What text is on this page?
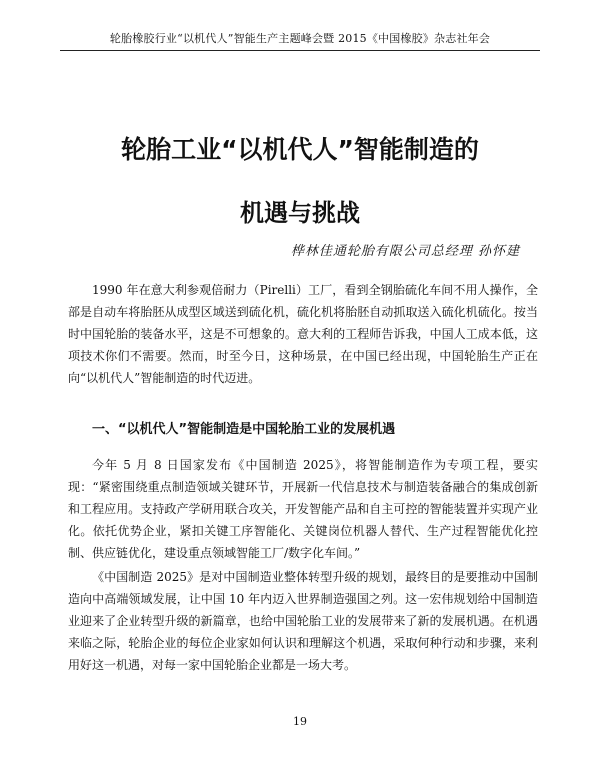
轮胎橡胶行业“以机代人”智能生产主题峰会暨 2015《中国橡胶》杂志社年会
轮胎工业“以机代人”智能制造的
机遇与挑战
桦林佳通轮胎有限公司总经理 孙怀建

1990 年在意大利参观倍耐力（Pirelli）工厂，看到全钢胎硫化车间不用人操作，全部是自动车将胎胚从成型区域送到硫化机，硫化机将胎胚自动抓取送入硫化机硫化。按当时中国轮胎的装备水平，这是不可想象的。意大利的工程师告诉我，中国人工成本低，这项技术你们不需要。然而，时至今日，这种场景，在中国已经出现，中国轮胎生产正在向“以机代人”智能制造的时代迈进。

一、“以机代人”智能制造是中国轮胎工业的发展机遇

今年 5 月 8 日国家发布《中国制造 2025》，将智能制造作为专项工程，要实现：“紧密围绕重点制造领域关键环节，开展新一代信息技术与制造装备融合的集成创新和工程应用。支持政产学研用联合攻关，开发智能产品和自主可控的智能装置并实现产业化。依托优势企业，紧扣关键工序智能化、关键岗位机器人替代、生产过程智能优化控制、供应链优化，建设重点领域智能工厂/数字化车间。”

《中国制造 2025》是对中国制造业整体转型升级的规划，最终目的是要推动中国制造向中高端领域发展，让中国 10 年内迈入世界制造强国之列。这一宏伟规划给中国制造业迎来了企业转型升级的新篇章，也给中国轮胎工业的发展带来了新的发展机遇。在机遇来临之际，轮胎企业的每位企业家如何认识和理解这个机遇，采取何种行动和步骤，来利用好这一机遇，对每一家中国轮胎企业都是一场大考。

19
